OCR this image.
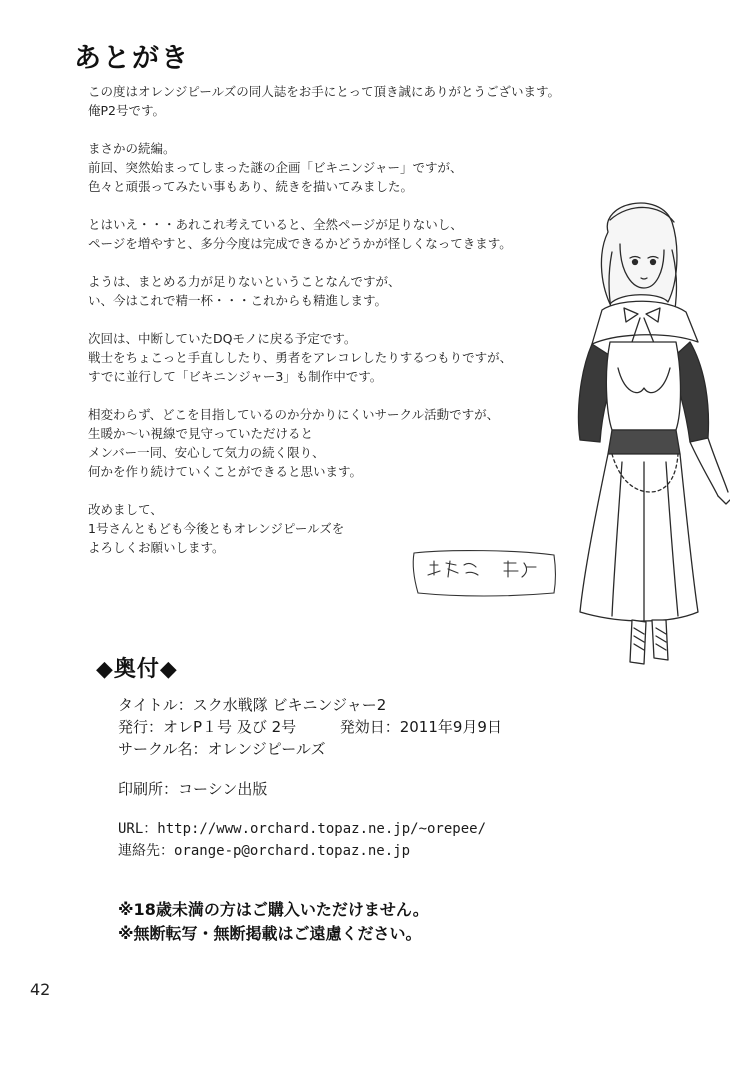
あとがき

この度はオレンジピールズの同人誌をお手にとって頂き誠にありがとうございます。
俺P2号です。

まさかの続編。
前回、突然始まってしまった謎の企画「ビキニンジャー」ですが、
色々と頑張ってみたい事もあり、続きを描いてみました。

とはいえ・・・あれこれ考えていると、全然ページが足りないし、
ページを増やすと、多分今度は完成できるかどうかが怪しくなってきます。

ようは、まとめる力が足りないということなんですが、
い、今はこれで精一杯・・・これからも精進します。

次回は、中断していたDQモノに戻る予定です。
戦士をちょこっと手直ししたり、勇者をアレコレしたりするつもりですが、
すでに並行して「ビキニンジャー3」も制作中です。

相変わらず、どこを目指しているのか分かりにくいサークル活動ですが、
生暖か～い視線で見守っていただけると
メンバー一同、安心して気力の続く限り、
何かを作り続けていくことができると思います。

改めまして、
1号さんともども今後ともオレンジピールズを
よろしくお願いします。

◆奥付◆
タイトル：スク水戦隊 ビキニンジャー2
発行：オレP１号 及び 2号	発効日：2011年9月9日
サークル名：オレンジピールズ
印刷所：コーシン出版
URL：http://www.orchard.topaz.ne.jp/~orepee/
連絡先：orange-p@orchard.topaz.ne.jp
※18歳未満の方はご購入いただけません。
※無断転写・無断掲載はご遠慮ください。
42
